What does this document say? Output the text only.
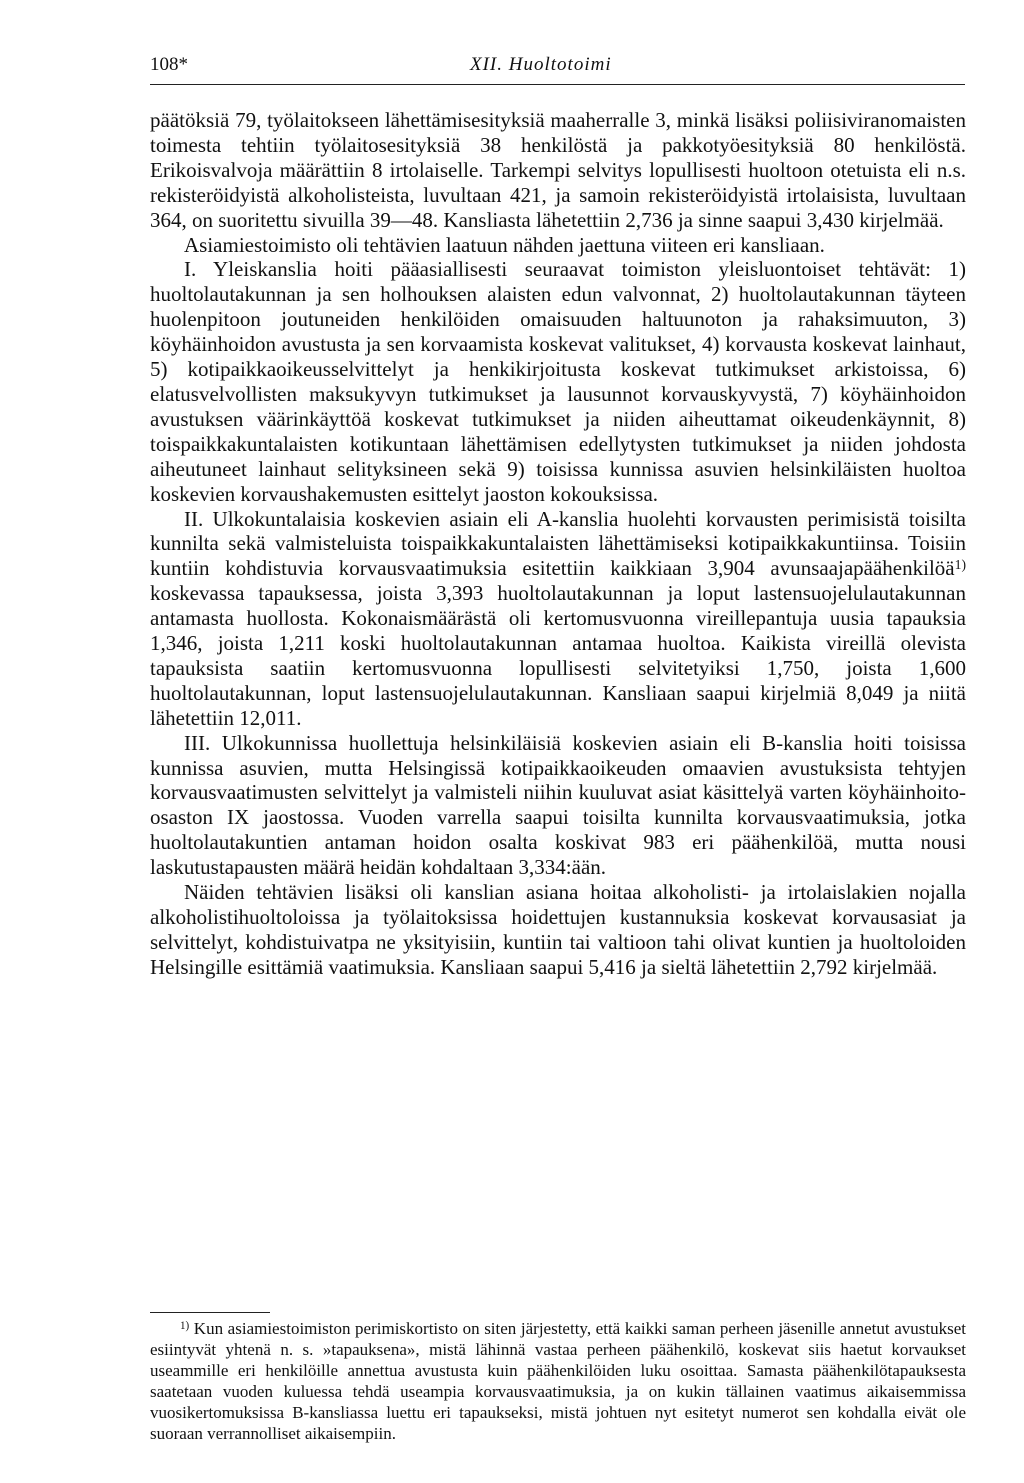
108*	XII. Huoltotoimi

päätöksiä 79, työlaitokseen lähettämisesityksiä maaherralle 3, minkä lisäksi poliisiviranomaisten toimesta tehtiin työlaitosesityksiä 38 henkilöstä ja pakkotyöesityksiä 80 henkilöstä. Erikoisvalvoja määrättiin 8 irtolaiselle. Tarkempi selvitys lopullisesti huoltoon otetuista eli n.s. rekisteröidyistä alkoholisteista, luvultaan 421, ja samoin rekisteröidyistä irtolaisista, luvultaan 364, on suoritettu sivuilla 39—48. Kansliasta lähetettiin 2,736 ja sinne saapui 3,430 kirjelmää.

Asiamiestoimisto oli tehtävien laatuun nähden jaettuna viiteen eri kansliaan.

I. Yleiskanslia hoiti pääasiallisesti seuraavat toimiston yleisluontoiset tehtävät: 1) huoltolautakunnan ja sen holhouksen alaisten edun valvonnat, 2) huoltolautakunnan täyteen huolenpitoon joutuneiden henkilöiden omaisuuden haltuunoton ja rahaksimuuton, 3) köyhäinhoidon avustusta ja sen korvaamista koskevat valitukset, 4) korvausta koskevat lainhaut, 5) kotipaikkaoikeusselvittelyt ja henkikirjoitusta koskevat tutkimukset arkistoissa, 6) elatusvelvollisten maksukyvyn tutkimukset ja lausunnot korvauskyvystä, 7) köyhäinhoidon avustuksen väärinkäyttöä koskevat tutkimukset ja niiden aiheuttamat oikeudenkäynnit, 8) toispaikkakuntalaisten kotikuntaan lähettämisen edellytysten tutkimukset ja niiden johdosta aiheutuneet lainhaut selityksineen sekä 9) toisissa kunnissa asuvien helsinkiläisten huoltoa koskevien korvaushakemusten esittelyt jaoston kokouksissa.

II. Ulkokuntalaisia koskevien asiain eli A-kanslia huolehti korvausten perimisistä toisilta kunnilta sekä valmisteluista toispaikkakuntalaisten lähettämiseksi kotipaikkakuntiinsa. Toisiin kuntiin kohdistuvia korvausvaatimuksia esitettiin kaikkiaan 3,904 avunsaajapäähenkilöä$^{1)}$ koskevassa tapauksessa, joista 3,393 huoltolautakunnan ja loput lastensuojelulautakunnan antamasta huollosta. Kokonaismäärästä oli kertomusvuonna vireillepantuja uusia tapauksia 1,346, joista 1,211 koski huoltolautakunnan antamaa huoltoa. Kaikista vireillä olevista tapauksista saatiin kertomusvuonna lopullisesti selvitetyiksi 1,750, joista 1,600 huoltolautakunnan, loput lastensuojelulautakunnan. Kansliaan saapui kirjelmiä 8,049 ja niitä lähetettiin 12,011.

III. Ulkokunnissa huollettuja helsinkiläisiä koskevien asiain eli B-kanslia hoiti toisissa kunnissa asuvien, mutta Helsingissä kotipaikkaoikeuden omaavien avustuksista tehtyjen korvausvaatimusten selvittelyt ja valmisteli niihin kuuluvat asiat käsittelyä varten köyhäinhoito-osaston IX jaostossa. Vuoden varrella saapui toisilta kunnilta korvausvaatimuksia, jotka huoltolautakuntien antaman hoidon osalta koskivat 983 eri päähenkilöä, mutta nousi laskutustapausten määrä heidän kohdaltaan 3,334:ään.

Näiden tehtävien lisäksi oli kanslian asiana hoitaa alkoholisti- ja irtolaislakien nojalla alkoholistihuoltoloissa ja työlaitoksissa hoidettujen kustannuksia koskevat korvausasiat ja selvittelyt, kohdistuivatpa ne yksityisiin, kuntiin tai valtioon tahi olivat kuntien ja huoltoloiden Helsingille esittämiä vaatimuksia. Kansliaan saapui 5,416 ja sieltä lähetettiin 2,792 kirjelmää.

$^{1)}$ Kun asiamiestoimiston perimiskortisto on siten järjestetty, että kaikki saman perheen jäsenille annetut avustukset esiintyvät yhtenä n. s. »tapauksena», mistä lähinnä vastaa perheen päähenkilö, koskevat siis haetut korvaukset useammille eri henkilöille annettua avustusta kuin päähenkilöiden luku osoittaa. Samasta päähenkilötapauksesta saatetaan vuoden kuluessa tehdä useampia korvausvaatimuksia, ja on kukin tällainen vaatimus aikaisemmissa vuosikertomuksissa B-kansliassa luettu eri tapaukseksi, mistä johtuen nyt esitetyt numerot sen kohdalla eivät ole suoraan verrannolliset aikaisempiin.
